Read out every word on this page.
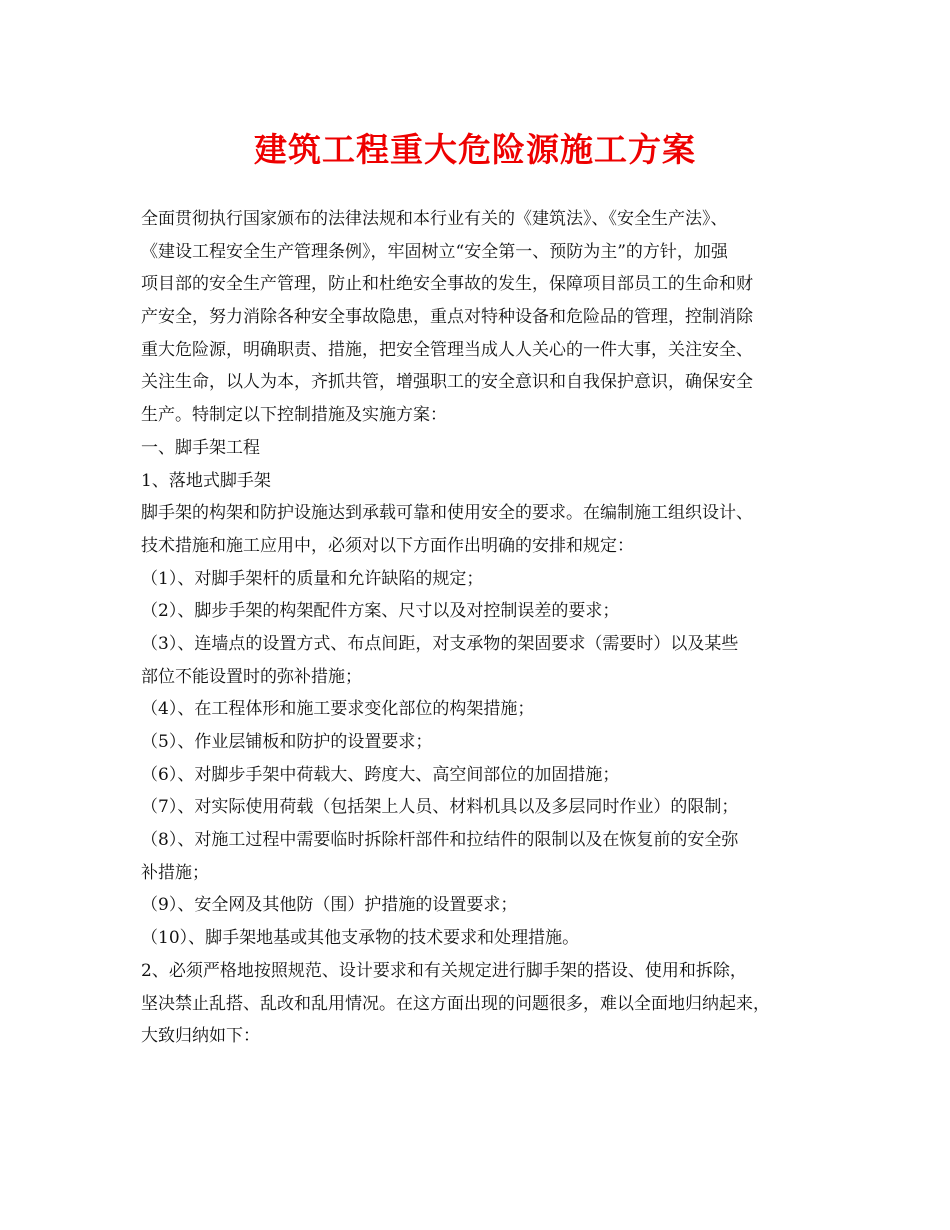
建筑工程重大危险源施工方案
全面贯彻执行国家颁布的法律法规和本行业有关的《建筑法》、《安全生产法》、
《建设工程安全生产管理条例》，牢固树立“安全第一、预防为主”的方针，加强
项目部的安全生产管理，防止和杜绝安全事故的发生，保障项目部员工的生命和财
产安全，努力消除各种安全事故隐患，重点对特种设备和危险品的管理，控制消除
重大危险源，明确职责、措施，把安全管理当成人人关心的一件大事，关注安全、
关注生命，以人为本，齐抓共管，增强职工的安全意识和自我保护意识，确保安全
生产。特制定以下控制措施及实施方案：
一、脚手架工程
1、落地式脚手架
脚手架的构架和防护设施达到承载可靠和使用安全的要求。在编制施工组织设计、
技术措施和施工应用中，必须对以下方面作出明确的安排和规定：
（1）、对脚手架杆的质量和允许缺陷的规定；
（2）、脚步手架的构架配件方案、尺寸以及对控制误差的要求；
（3）、连墙点的设置方式、布点间距，对支承物的架固要求（需要时）以及某些
部位不能设置时的弥补措施；
（4）、在工程体形和施工要求变化部位的构架措施；
（5）、作业层铺板和防护的设置要求；
（6）、对脚步手架中荷载大、跨度大、高空间部位的加固措施；
（7）、对实际使用荷载（包括架上人员、材料机具以及多层同时作业）的限制；
（8）、对施工过程中需要临时拆除杆部件和拉结件的限制以及在恢复前的安全弥
补措施；
（9）、安全网及其他防（围）护措施的设置要求；
（10）、脚手架地基或其他支承物的技术要求和处理措施。
2、必须严格地按照规范、设计要求和有关规定进行脚手架的搭设、使用和拆除，
坚决禁止乱搭、乱改和乱用情况。在这方面出现的问题很多，难以全面地归纳起来，
大致归纳如下：
